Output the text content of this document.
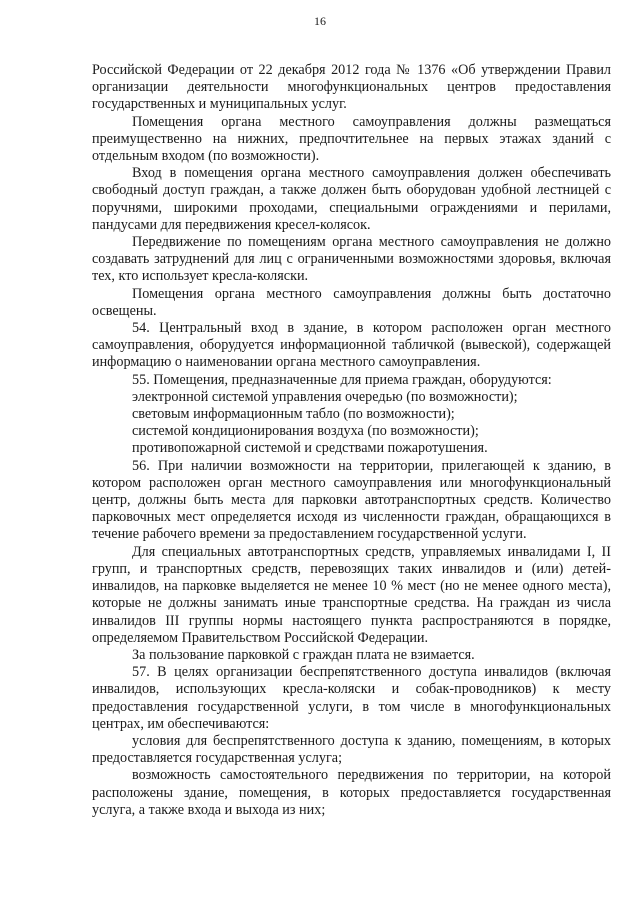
16

Российской Федерации от 22 декабря 2012 года № 1376 «Об утверждении Правил организации деятельности многофункциональных центров предоставления государственных и муниципальных услуг.

Помещения органа местного самоуправления должны размещаться преимущественно на нижних, предпочтительнее на первых этажах зданий с отдельным входом (по возможности).

Вход в помещения органа местного самоуправления должен обеспечивать свободный доступ граждан, а также должен быть оборудован удобной лестницей с поручнями, широкими проходами, специальными ограждениями и перилами, пандусами для передвижения кресел-колясок.

Передвижение по помещениям органа местного самоуправления не должно создавать затруднений для лиц с ограниченными возможностями здоровья, включая тех, кто использует кресла-коляски.

Помещения органа местного самоуправления должны быть достаточно освещены.

54. Центральный вход в здание, в котором расположен орган местного самоуправления, оборудуется информационной табличкой (вывеской), содержащей информацию о наименовании органа местного самоуправления.

55. Помещения, предназначенные для приема граждан, оборудуются:

электронной системой управления очередью (по возможности);

световым информационным табло (по возможности);

системой кондиционирования воздуха (по возможности);

противопожарной системой и средствами пожаротушения.

56. При наличии возможности на территории, прилегающей к зданию, в котором расположен орган местного самоуправления или многофункциональный центр, должны быть места для парковки автотранспортных средств. Количество парковочных мест определяется исходя из численности граждан, обращающихся в течение рабочего времени за предоставлением государственной услуги.

Для специальных автотранспортных средств, управляемых инвалидами I, II групп, и транспортных средств, перевозящих таких инвалидов и (или) детей-инвалидов, на парковке выделяется не менее 10 % мест (но не менее одного места), которые не должны занимать иные транспортные средства. На граждан из числа инвалидов III группы нормы настоящего пункта распространяются в порядке, определяемом Правительством Российской Федерации.

За пользование парковкой с граждан плата не взимается.

57. В целях организации беспрепятственного доступа инвалидов (включая инвалидов, использующих кресла-коляски и собак-проводников) к месту предоставления государственной услуги, в том числе в многофункциональных центрах, им обеспечиваются:

условия для беспрепятственного доступа к зданию, помещениям, в которых предоставляется государственная услуга;

возможность самостоятельного передвижения по территории, на которой расположены здание, помещения, в которых предоставляется государственная услуга, а также входа и выхода из них;
